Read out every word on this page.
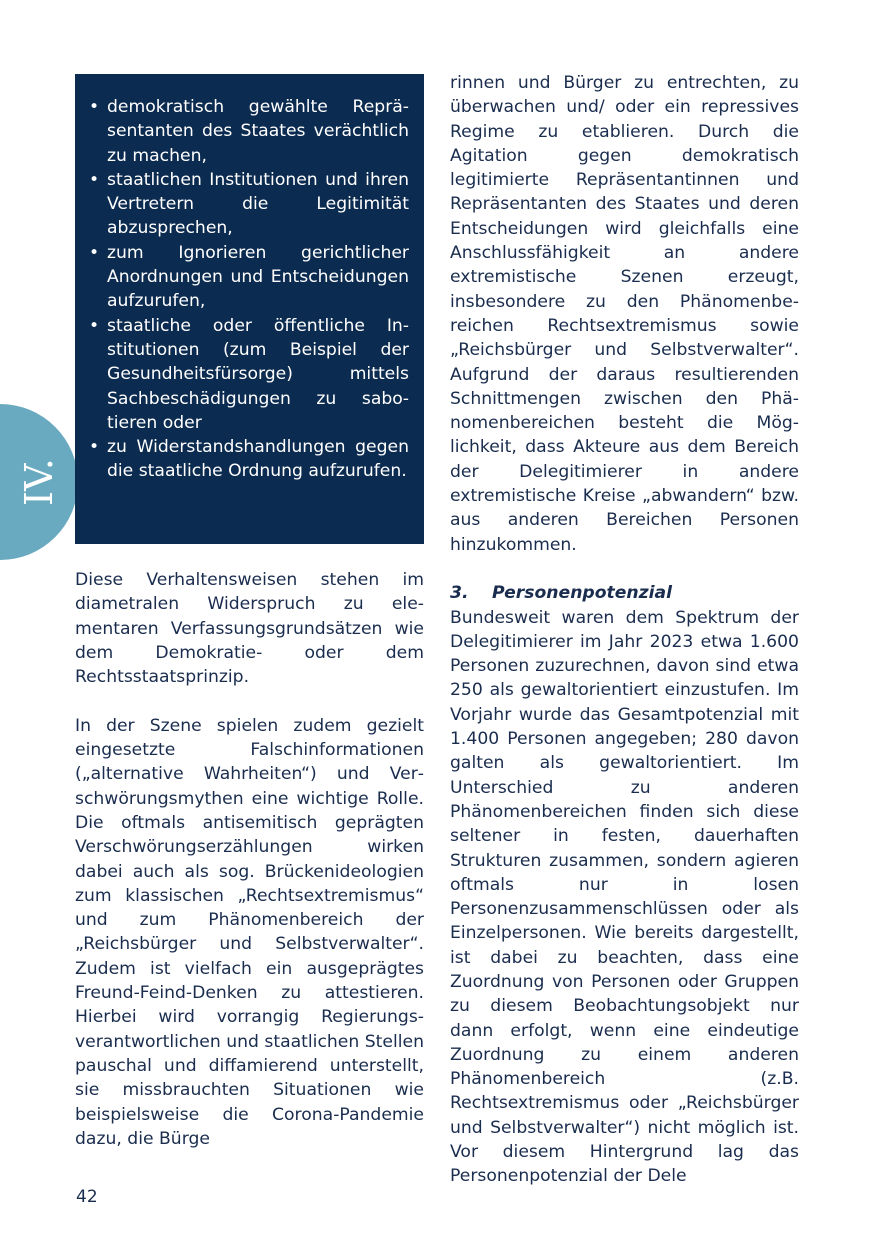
IV.
• demokratisch gewählte Repräsentanten des Staates verächtlich zu machen,
• staatlichen Institutionen und ihren Vertretern die Legitimität abzusprechen,
• zum Ignorieren gerichtlicher Anordnungen und Entscheidungen aufzurufen,
• staatliche oder öffentliche Institutionen (zum Beispiel der Gesundheitsfürsorge) mittels Sachbeschädigungen zu sabotieren oder
• zu Widerstandshandlungen gegen die staatliche Ordnung aufzurufen.

Diese Verhaltensweisen stehen im diametralen Widerspruch zu elementaren Verfassungsgrundsätzen wie dem Demokratie- oder dem Rechtsstaatsprinzip.

In der Szene spielen zudem gezielt eingesetzte Falschinformationen („alternative Wahrheiten“) und Verschwörungsmythen eine wichtige Rolle. Die oftmals antisemitisch geprägten Verschwörungserzählungen wirken dabei auch als sog. Brückenideologien zum klassischen „Rechtsextremismus“ und zum Phänomenbereich der „Reichsbürger und Selbstverwalter“. Zudem ist vielfach ein ausgeprägtes Freund-Feind-Denken zu attestieren. Hierbei wird vorrangig Regierungsverantwortlichen und staatlichen Stellen pauschal und diffamierend unterstellt, sie missbrauchten Situationen wie beispielsweise die Corona-Pandemie dazu, die Bürge

rinnen und Bürger zu entrechten, zu überwachen und/ oder ein repressives Regime zu etablieren. Durch die Agitation gegen demokratisch legitimierte Repräsentantinnen und Repräsentanten des Staates und deren Entscheidungen wird gleichfalls eine Anschlussfähigkeit an andere extremistische Szenen erzeugt, insbesondere zu den Phänomenbereichen Rechtsextremismus sowie „Reichsbürger und Selbstverwalter“. Aufgrund der daraus resultierenden Schnittmengen zwischen den Phänomenbereichen besteht die Möglichkeit, dass Akteure aus dem Bereich der Delegitimierer in andere extremistische Kreise „abwandern“ bzw. aus anderen Bereichen Personen hinzukommen.

3. Personenpotenzial

Bundesweit waren dem Spektrum der Delegitimierer im Jahr 2023 etwa 1.600 Personen zuzurechnen, davon sind etwa 250 als gewaltorientiert einzustufen. Im Vorjahr wurde das Gesamtpotenzial mit 1.400 Personen angegeben; 280 davon galten als gewaltorientiert. Im Unterschied zu anderen Phänomenbereichen finden sich diese seltener in festen, dauerhaften Strukturen zusammen, sondern agieren oftmals nur in losen Personenzusammenschlüssen oder als Einzelpersonen. Wie bereits dargestellt, ist dabei zu beachten, dass eine Zuordnung von Personen oder Gruppen zu diesem Beobachtungsobjekt nur dann erfolgt, wenn eine eindeutige Zuordnung zu einem anderen Phänomenbereich (z.B. Rechtsextremismus oder „Reichsbürger und Selbstverwalter“) nicht möglich ist. Vor diesem Hintergrund lag das Personenpotenzial der Dele

42
